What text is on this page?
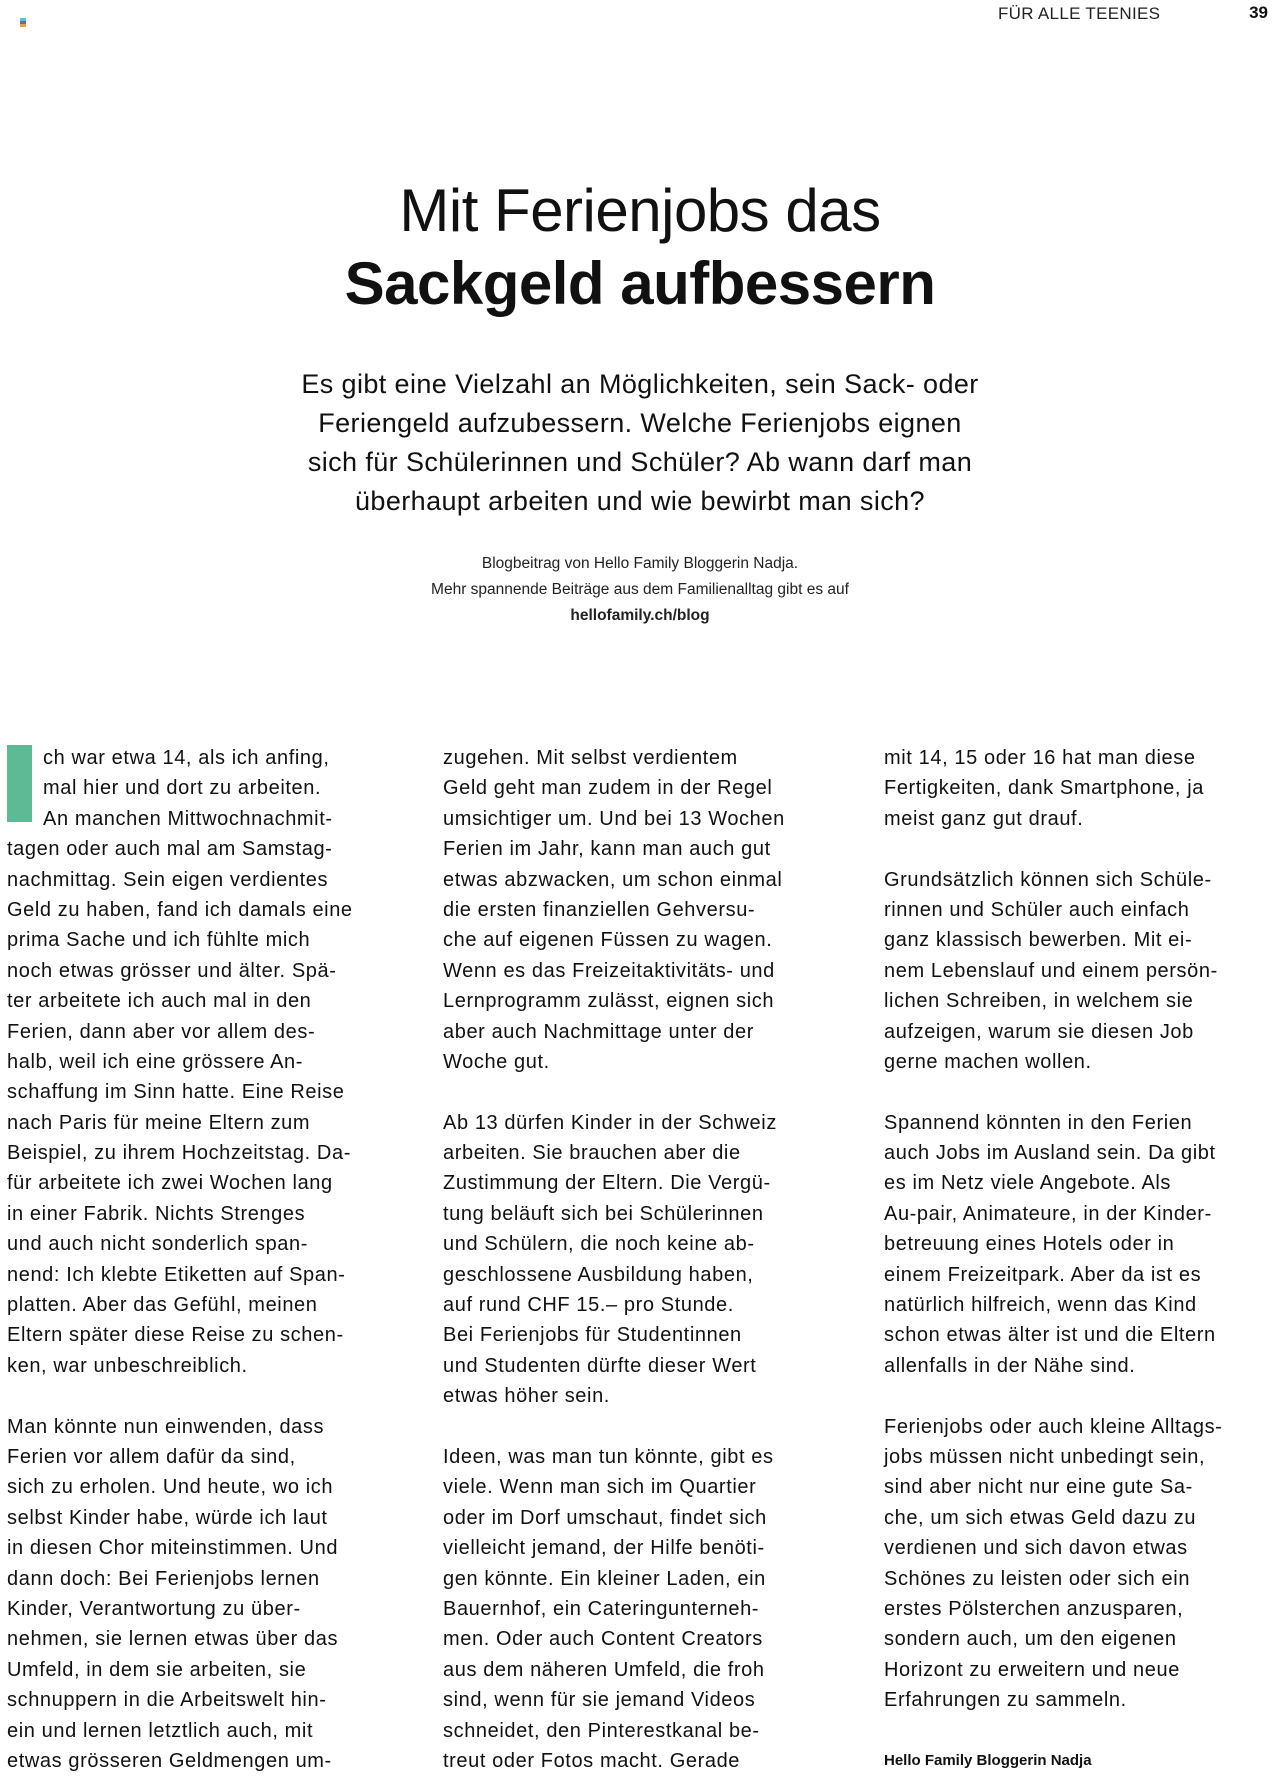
FÜR ALLE TEENIES	39
Mit Ferienjobs das
Sackgeld aufbessern
Es gibt eine Vielzahl an Möglichkeiten, sein Sack- oder
Feriengeld aufzubessern. Welche Ferienjobs eignen
sich für Schülerinnen und Schüler? Ab wann darf man
überhaupt arbeiten und wie bewirbt man sich?
Blogbeitrag von Hello Family Bloggerin Nadja.
Mehr spannende Beiträge aus dem Familienalltag gibt es auf
hellofamily.ch/blog
ch war etwa 14, als ich anfing,
mal hier und dort zu arbeiten.
An manchen Mittwochnachmit-
tagen oder auch mal am Samstag-
nachmittag. Sein eigen verdientes
Geld zu haben, fand ich damals eine
prima Sache und ich fühlte mich
noch etwas grösser und älter. Spä-
ter arbeitete ich auch mal in den
Ferien, dann aber vor allem des-
halb, weil ich eine grössere An-
schaffung im Sinn hatte. Eine Reise
nach Paris für meine Eltern zum
Beispiel, zu ihrem Hochzeitstag. Da-
für arbeitete ich zwei Wochen lang
in einer Fabrik. Nichts Strenges
und auch nicht sonderlich span-
nend: Ich klebte Etiketten auf Span-
platten. Aber das Gefühl, meinen
Eltern später diese Reise zu schen-
ken, war unbeschreiblich.
Man könnte nun einwenden, dass
Ferien vor allem dafür da sind,
sich zu erholen. Und heute, wo ich
selbst Kinder habe, würde ich laut
in diesen Chor miteinstimmen. Und
dann doch: Bei Ferienjobs lernen
Kinder, Verantwortung zu über-
nehmen, sie lernen etwas über das
Umfeld, in dem sie arbeiten, sie
schnuppern in die Arbeitswelt hin-
ein und lernen letztlich auch, mit
etwas grösseren Geldmengen um-
zugehen. Mit selbst verdientem
Geld geht man zudem in der Regel
umsichtiger um. Und bei 13 Wochen
Ferien im Jahr, kann man auch gut
etwas abzwacken, um schon einmal
die ersten finanziellen Gehversu-
che auf eigenen Füssen zu wagen.
Wenn es das Freizeitaktivitäts- und
Lernprogramm zulässt, eignen sich
aber auch Nachmittage unter der
Woche gut.
Ab 13 dürfen Kinder in der Schweiz
arbeiten. Sie brauchen aber die
Zustimmung der Eltern. Die Vergü-
tung beläuft sich bei Schülerinnen
und Schülern, die noch keine ab-
geschlossene Ausbildung haben,
auf rund CHF 15.– pro Stunde.
Bei Ferienjobs für Studentinnen
und Studenten dürfte dieser Wert
etwas höher sein.
Ideen, was man tun könnte, gibt es
viele. Wenn man sich im Quartier
oder im Dorf umschaut, findet sich
vielleicht jemand, der Hilfe benöti-
gen könnte. Ein kleiner Laden, ein
Bauernhof, ein Cateringunterneh-
men. Oder auch Content Creators
aus dem näheren Umfeld, die froh
sind, wenn für sie jemand Videos
schneidet, den Pinterestkanal be-
treut oder Fotos macht. Gerade
mit 14, 15 oder 16 hat man diese
Fertigkeiten, dank Smartphone, ja
meist ganz gut drauf.
Grundsätzlich können sich Schüle-
rinnen und Schüler auch einfach
ganz klassisch bewerben. Mit ei-
nem Lebenslauf und einem persön-
lichen Schreiben, in welchem sie
aufzeigen, warum sie diesen Job
gerne machen wollen.
Spannend könnten in den Ferien
auch Jobs im Ausland sein. Da gibt
es im Netz viele Angebote. Als
Au-pair, Animateure, in der Kinder-
betreuung eines Hotels oder in
einem Freizeitpark. Aber da ist es
natürlich hilfreich, wenn das Kind
schon etwas älter ist und die Eltern
allenfalls in der Nähe sind.
Ferienjobs oder auch kleine Alltags-
jobs müssen nicht unbedingt sein,
sind aber nicht nur eine gute Sa-
che, um sich etwas Geld dazu zu
verdienen und sich davon etwas
Schönes zu leisten oder sich ein
erstes Pölsterchen anzusparen,
sondern auch, um den eigenen
Horizont zu erweitern und neue
Erfahrungen zu sammeln.
Hello Family Bloggerin Nadja
